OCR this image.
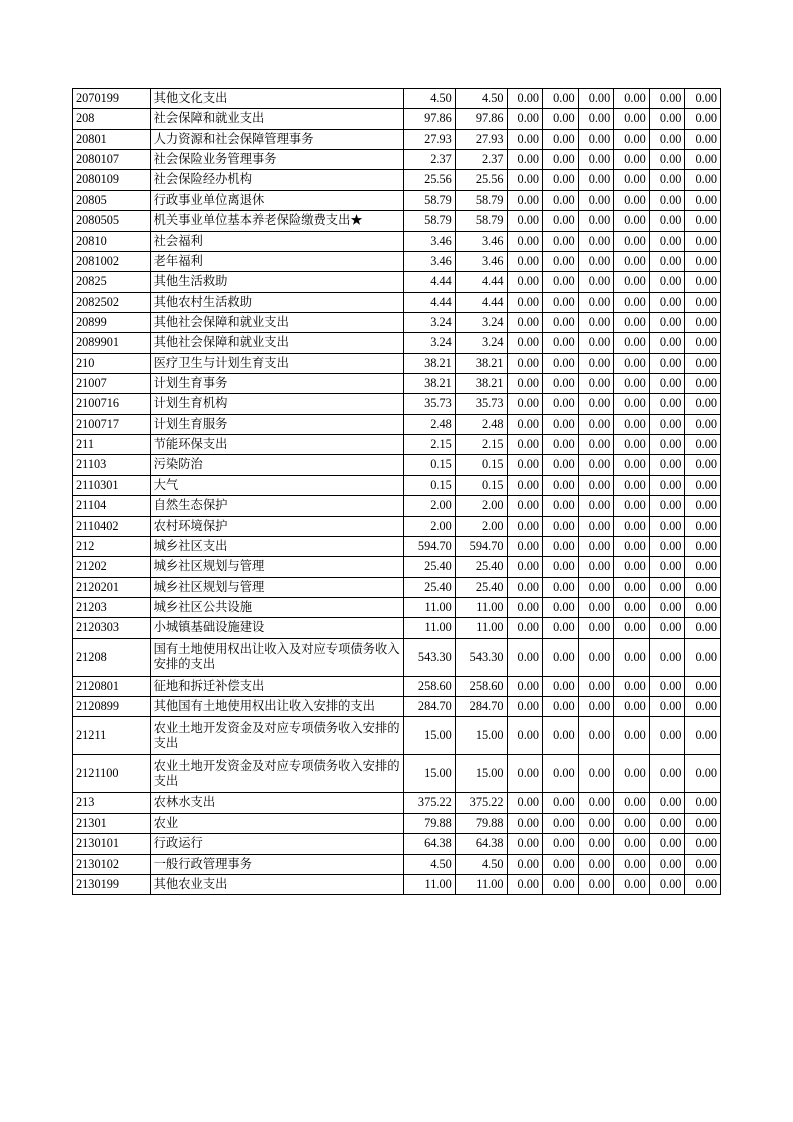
2070199	其他文化支出	4.50	4.50	0.00	0.00	0.00	0.00	0.00	0.00
208	社会保障和就业支出	97.86	97.86	0.00	0.00	0.00	0.00	0.00	0.00
20801	人力资源和社会保障管理事务	27.93	27.93	0.00	0.00	0.00	0.00	0.00	0.00
2080107	社会保险业务管理事务	2.37	2.37	0.00	0.00	0.00	0.00	0.00	0.00
2080109	社会保险经办机构	25.56	25.56	0.00	0.00	0.00	0.00	0.00	0.00
20805	行政事业单位离退休	58.79	58.79	0.00	0.00	0.00	0.00	0.00	0.00
2080505	机关事业单位基本养老保险缴费支出★	58.79	58.79	0.00	0.00	0.00	0.00	0.00	0.00
20810	社会福利	3.46	3.46	0.00	0.00	0.00	0.00	0.00	0.00
2081002	老年福利	3.46	3.46	0.00	0.00	0.00	0.00	0.00	0.00
20825	其他生活救助	4.44	4.44	0.00	0.00	0.00	0.00	0.00	0.00
2082502	其他农村生活救助	4.44	4.44	0.00	0.00	0.00	0.00	0.00	0.00
20899	其他社会保障和就业支出	3.24	3.24	0.00	0.00	0.00	0.00	0.00	0.00
2089901	其他社会保障和就业支出	3.24	3.24	0.00	0.00	0.00	0.00	0.00	0.00
210	医疗卫生与计划生育支出	38.21	38.21	0.00	0.00	0.00	0.00	0.00	0.00
21007	计划生育事务	38.21	38.21	0.00	0.00	0.00	0.00	0.00	0.00
2100716	计划生育机构	35.73	35.73	0.00	0.00	0.00	0.00	0.00	0.00
2100717	计划生育服务	2.48	2.48	0.00	0.00	0.00	0.00	0.00	0.00
211	节能环保支出	2.15	2.15	0.00	0.00	0.00	0.00	0.00	0.00
21103	污染防治	0.15	0.15	0.00	0.00	0.00	0.00	0.00	0.00
2110301	大气	0.15	0.15	0.00	0.00	0.00	0.00	0.00	0.00
21104	自然生态保护	2.00	2.00	0.00	0.00	0.00	0.00	0.00	0.00
2110402	农村环境保护	2.00	2.00	0.00	0.00	0.00	0.00	0.00	0.00
212	城乡社区支出	594.70	594.70	0.00	0.00	0.00	0.00	0.00	0.00
21202	城乡社区规划与管理	25.40	25.40	0.00	0.00	0.00	0.00	0.00	0.00
2120201	城乡社区规划与管理	25.40	25.40	0.00	0.00	0.00	0.00	0.00	0.00
21203	城乡社区公共设施	11.00	11.00	0.00	0.00	0.00	0.00	0.00	0.00
2120303	小城镇基础设施建设	11.00	11.00	0.00	0.00	0.00	0.00	0.00	0.00
21208	国有土地使用权出让收入及对应专项债务收入安排的支出	543.30	543.30	0.00	0.00	0.00	0.00	0.00	0.00
2120801	征地和拆迁补偿支出	258.60	258.60	0.00	0.00	0.00	0.00	0.00	0.00
2120899	其他国有土地使用权出让收入安排的支出	284.70	284.70	0.00	0.00	0.00	0.00	0.00	0.00
21211	农业土地开发资金及对应专项债务收入安排的支出	15.00	15.00	0.00	0.00	0.00	0.00	0.00	0.00
2121100	农业土地开发资金及对应专项债务收入安排的支出	15.00	15.00	0.00	0.00	0.00	0.00	0.00	0.00
213	农林水支出	375.22	375.22	0.00	0.00	0.00	0.00	0.00	0.00
21301	农业	79.88	79.88	0.00	0.00	0.00	0.00	0.00	0.00
2130101	行政运行	64.38	64.38	0.00	0.00	0.00	0.00	0.00	0.00
2130102	一般行政管理事务	4.50	4.50	0.00	0.00	0.00	0.00	0.00	0.00
2130199	其他农业支出	11.00	11.00	0.00	0.00	0.00	0.00	0.00	0.00
